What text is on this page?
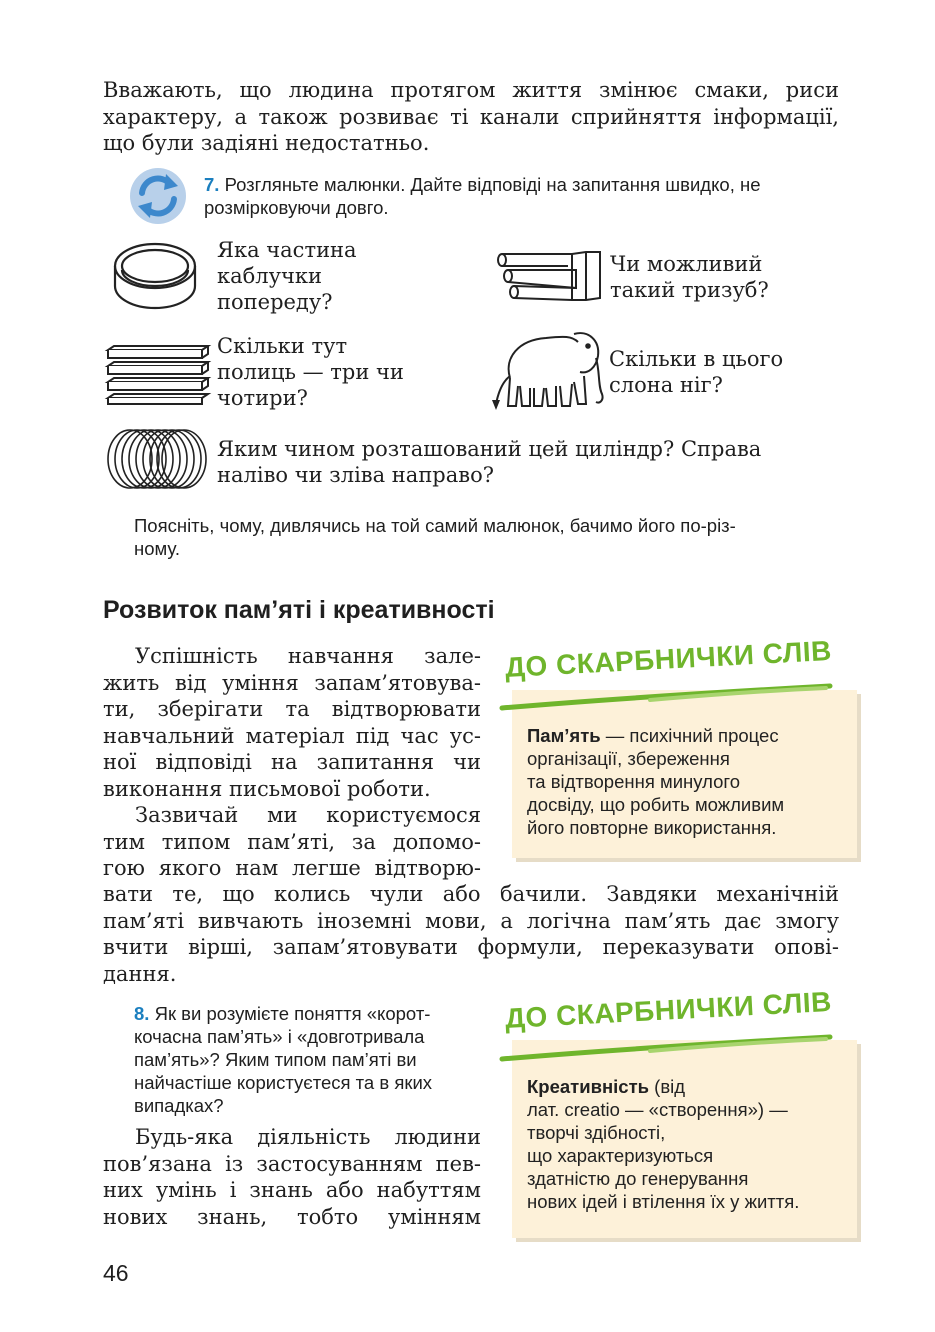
Вважають, що людина протягом життя змінює смаки, риси

характеру, а також розвиває ті канали сприйняття інформації,

що були задіяні недостатньо.

7. Розгляньте малюнки. Дайте відповіді на запитання швидко, не
розмірковуючи довго.
Яка частина
каблучки
попереду?
Чи можливий
такий тризуб?
Скільки тут
полиць — три чи
чотири?
Скільки в цього
слона ніг?
Яким чином розташований цей циліндр? Справа
наліво чи зліва направо?
Поясніть, чому, дивлячись на той самий малюнок, бачимо його по-різ-
ному.
Розвиток пам’яті і креативності

Успішність навчання зале-

жить від уміння запам’ятовува-

ти, зберігати та відтворювати

навчальний матеріал під час ус-

ної відповіді на запитання чи

виконання письмової роботи.

Зазвичай ми користуємося

тим типом пам’яті, за допомо-

гою якого нам легше відтворю-

вати те, що колись чули або бачили. Завдяки механічній

пам’яті вивчають іноземні мови, а логічна пам’ять дає змогу

вчити вірші, запам’ятовувати формули, переказувати опові-

дання.

ДО СКАРБНИЧКИ СЛІВ
Пам’ять — психічний процес
організації, збереження
та відтворення минулого
досвіду, що робить можливим
його повторне використання.
8. Як ви розумієте поняття «корот-
кочасна пам’ять» і «довготривала
пам’ять»? Яким типом пам’яті ви
найчастіше користуєтеся та в яких
випадках?

Будь-яка діяльність людини

пов’язана із застосуванням пев-

них умінь і знань або набуттям

нових знань, тобто умінням

ДО СКАРБНИЧКИ СЛІВ
Креативність (від
лат. creatio — «створення») —
творчі здібності,
що характеризуються
здатністю до генерування
нових ідей і втілення їх у життя.
46
